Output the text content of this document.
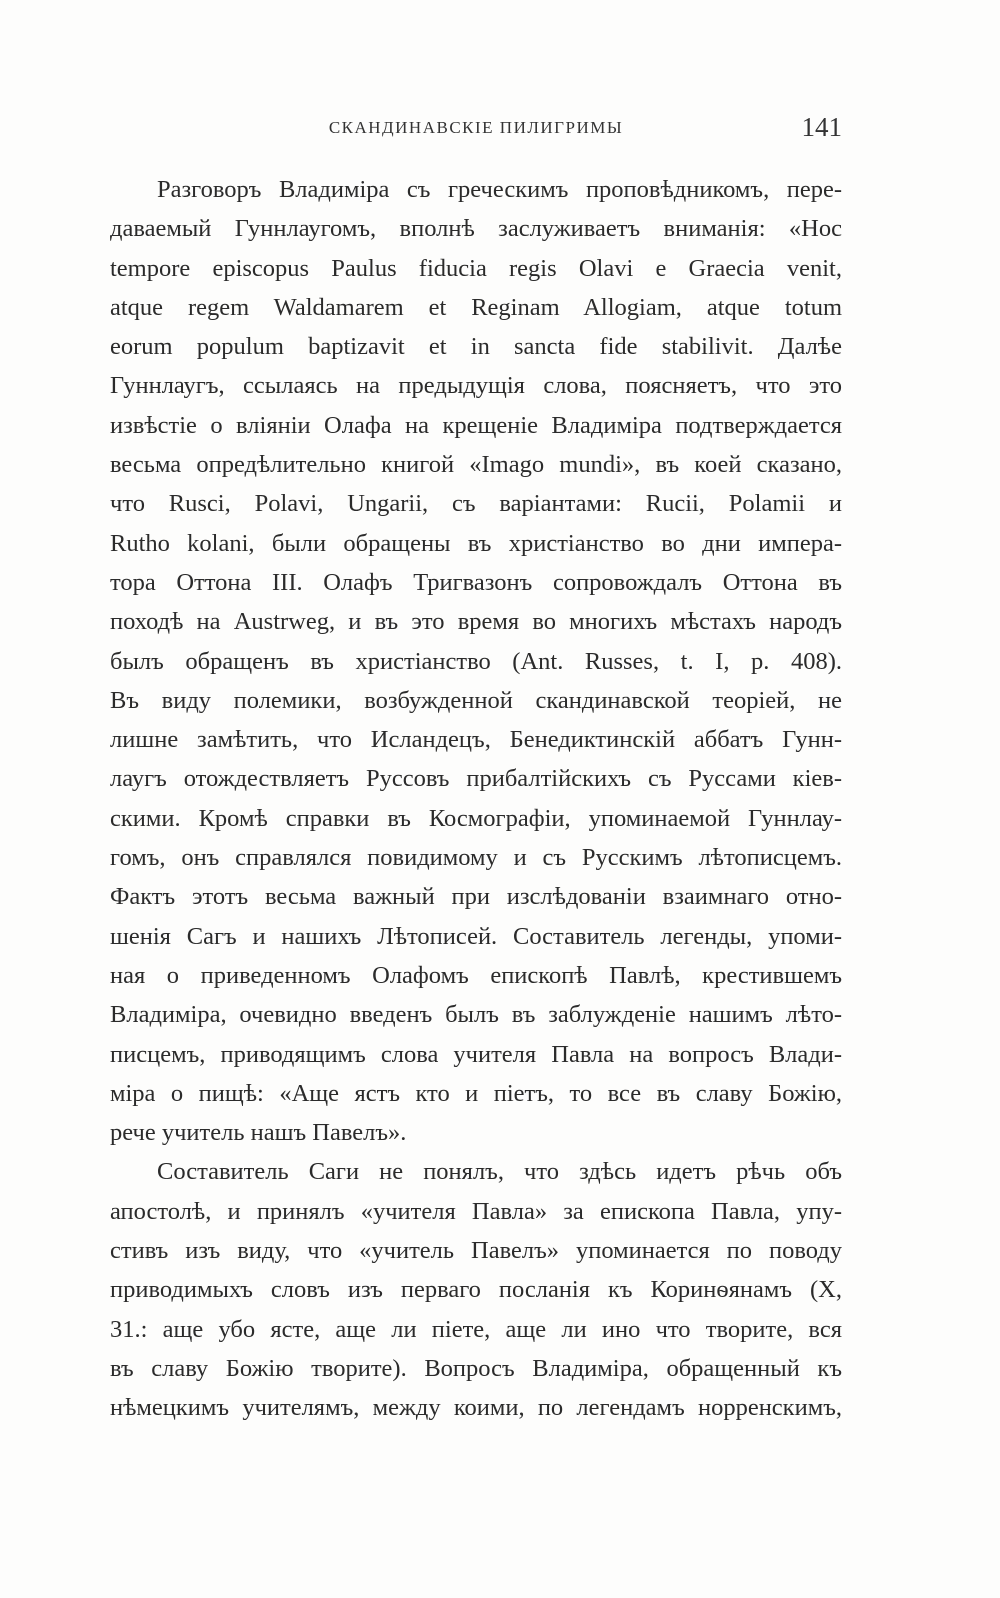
СКАНДИНАВСКІЕ ПИЛИГРИМЫ	141
Разговоръ Владиміра съ греческимъ проповѣдникомъ, пере-
даваемый Гуннлаугомъ, вполнѣ заслуживаетъ вниманія: «Hoc
tempore episcopus Paulus fiducia regis Olavi e Graecia venit,
atque regem Waldamarem et Reginam Allogiam, atque totum
eorum populum baptizavit et in sancta fide stabilivit. Далѣе
Гуннлаугъ, ссылаясь на предыдущія слова, поясняетъ, что это
извѣстіе о вліяніи Олафа на крещеніе Владиміра подтверждается
весьма опредѣлительно книгой «Imago mundi», въ коей сказано,
что Rusci, Polavi, Ungarii, съ варіантами: Rucii, Polamii и
Rutho kolani, были обращены въ христіанство во дни импера-
тора Оттона III. Олафъ Тригвазонъ сопровождалъ Оттона въ
походѣ на Austrweg, и въ это время во многихъ мѣстахъ народъ
былъ обращенъ въ христіанство (Ant. Russes, t. I, p. 408).
Въ виду полемики, возбужденной скандинавской теоріей, не
лишне замѣтить, что Исландецъ, Бенедиктинскій аббатъ Гунн-
лаугъ отождествляетъ Руссовъ прибалтійскихъ съ Руссами кіев-
скими. Кромѣ справки въ Космографіи, упоминаемой Гуннлау-
гомъ, онъ справлялся повидимому и съ Русскимъ лѣтописцемъ.
Фактъ этотъ весьма важный при изслѣдованіи взаимнаго отно-
шенія Сагъ и нашихъ Лѣтописей. Составитель легенды, упоми-
ная о приведенномъ Олафомъ епископѣ Павлѣ, крестившемъ
Владиміра, очевидно введенъ былъ въ заблужденіе нашимъ лѣто-
писцемъ, приводящимъ слова учителя Павла на вопросъ Влади-
міра о пищѣ: «Аще ястъ кто и піетъ, то все въ славу Божію,
рече учитель нашъ Павелъ».
Составитель Саги не понялъ, что здѣсь идетъ рѣчь объ
апостолѣ, и принялъ «учителя Павла» за епископа Павла, упу-
стивъ изъ виду, что «учитель Павелъ» упоминается по поводу
приводимыхъ словъ изъ перваго посланія къ Коринѳянамъ (X,
31.: аще убо ясте, аще ли піете, аще ли ино что творите, вся
въ славу Божію творите). Вопросъ Владиміра, обращенный къ
нѣмецкимъ учителямъ, между коими, по легендамъ норренскимъ,
